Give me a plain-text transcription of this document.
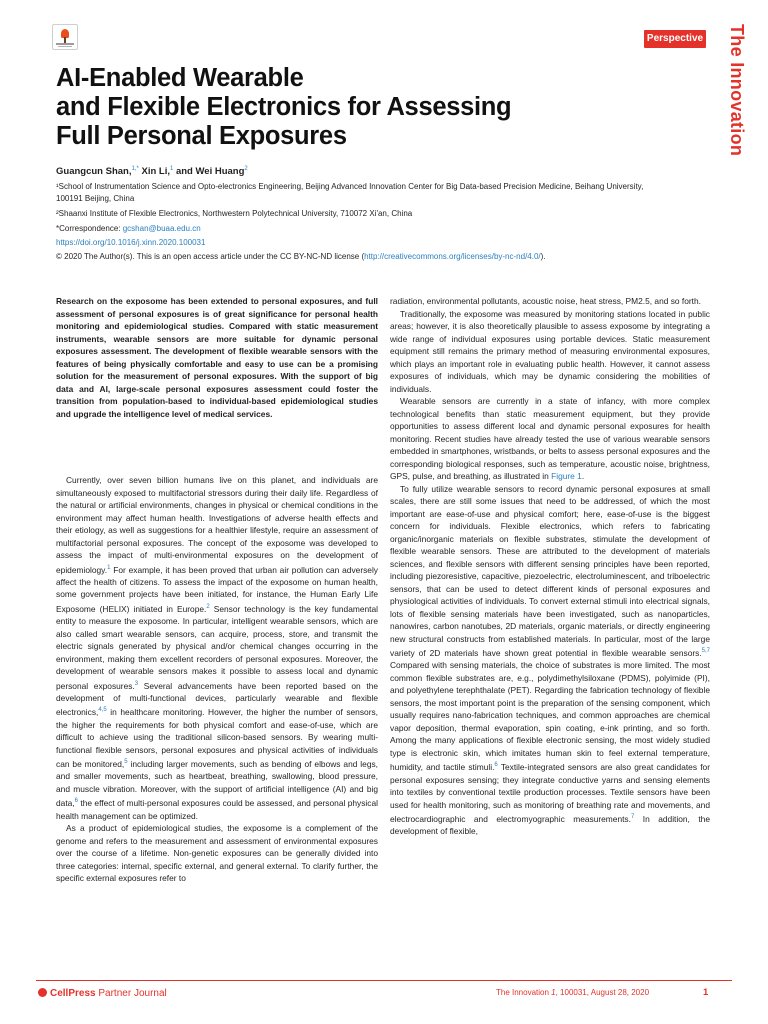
Perspective The Innovation
AI-Enabled Wearable
and Flexible Electronics for Assessing
Full Personal Exposures
Guangcun Shan,$^{1,*}$ Xin Li,$^1$ and Wei Huang$^2$

¹School of Instrumentation Science and Opto-electronics Engineering, Beijing Advanced Innovation Center for Big Data-based Precision Medicine, Beihang University,

100191 Beijing, China

²Shaanxi Institute of Flexible Electronics, Northwestern Polytechnical University, 710072 Xi'an, China

*Correspondence: gcshan@buaa.edu.cn

https://doi.org/10.1016/j.xinn.2020.100031

© 2020 The Author(s). This is an open access article under the CC BY-NC-ND license (http://creativecommons.org/licenses/by-nc-nd/4.0/).

Research on the exposome has been extended to personal exposures, and full assessment of personal exposures is of great significance for personal health monitoring and epidemiological studies. Compared with static measurement instruments, wearable sensors are more suitable for dynamic personal exposures assessment. The development of flexible wearable sensors with the features of being physically comfortable and easy to use can be a promising solution for the measurement of personal exposures. With the support of big data and AI, large-scale personal exposures assessment could foster the transition from population-based to individual-based epidemiological studies and upgrade the intelligence level of medical services.

Currently, over seven billion humans live on this planet, and individuals are simultaneously exposed to multifactorial stressors during their daily life. Regardless of the natural or artificial environments, changes in physical or chemical conditions in the environment may affect human health. Investigations of adverse health effects and their etiology, as well as suggestions for a healthier lifestyle, require an assessment of multifactorial personal exposures. The concept of the exposome was developed to assess the impact of multi-environmental exposures on the development of epidemiology.$^1$ For example, it has been proved that urban air pollution can adversely affect the health of citizens. To assess the impact of the exposome on human health, some government projects have been initiated, for instance, the Human Early Life Exposome (HELIX) initiated in Europe.$^2$ Sensor technology is the key fundamental entity to measure the exposome. In particular, intelligent wearable sensors, which are also called smart wearable sensors, can acquire, process, store, and transmit the electric signals generated by physical and/or chemical changes occurring in the environment, making them excellent recorders of personal exposures. Moreover, the development of wearable sensors makes it possible to assess local and dynamic personal exposures.$^3$ Several advancements have been reported based on the development of multi-functional devices, particularly wearable and flexible electronics,$^{4,5}$ in healthcare monitoring. However, the higher the number of sensors, the higher the requirements for both physical comfort and ease-of-use, which are difficult to achieve using the traditional silicon-based sensors. By wearing multi-functional flexible sensors, personal exposures and physical activities of individuals can be monitored,$^5$ including larger movements, such as bending of elbows and legs, and smaller movements, such as heartbeat, breathing, swallowing, blood pressure, and muscle vibration. Moreover, with the support of artificial intelligence (AI) and big data,$^6$ the effect of multi-personal exposures could be assessed, and personal physical health management can be optimized.

As a product of epidemiological studies, the exposome is a complement of the genome and refers to the measurement and assessment of environmental exposures over the course of a lifetime. Non-genetic exposures can be generally divided into three categories: internal, specific external, and general external. To clarify further, the specific external exposures refer to

radiation, environmental pollutants, acoustic noise, heat stress, PM2.5, and so forth.

Traditionally, the exposome was measured by monitoring stations located in public areas; however, it is also theoretically plausible to assess exposome by integrating a wide range of individual exposures using portable devices. Static measurement equipment still remains the primary method of measuring environmental exposures, which plays an important role in evaluating public health. However, it cannot assess exposures of individuals, which may be dynamic considering the mobilities of individuals.

Wearable sensors are currently in a state of infancy, with more complex technological benefits than static measurement equipment, but they provide opportunities to assess different local and dynamic personal exposures for health monitoring. Recent studies have already tested the use of various wearable sensors embedded in smartphones, wristbands, or belts to assess personal exposures and the corresponding biological responses, such as temperature, acoustic noise, brightness, GPS, pulse, and breathing, as illustrated in Figure 1.

To fully utilize wearable sensors to record dynamic personal exposures at small scales, there are still some issues that need to be addressed, of which the most important are ease-of-use and physical comfort; here, ease-of-use is the biggest concern for individuals. Flexible electronics, which refers to fabricating organic/inorganic materials on flexible substrates, stimulate the development of flexible wearable sensors. These are attributed to the development of materials sciences, and flexible sensors with different sensing principles have been reported, including piezoresistive, capacitive, piezoelectric, electroluminescent, and triboelectric sensors, that can be used to detect different kinds of personal exposures and physiological activities of individuals. To convert external stimuli into electrical signals, lots of flexible sensing materials have been investigated, such as nanoparticles, nanowires, carbon nanotubes, 2D materials, organic materials, or directly engineering new structural constructs from established materials. In particular, most of the large variety of 2D materials have shown great potential in flexible wearable sensors.$^{5,7}$ Compared with sensing materials, the choice of substrates is more limited. The most common flexible substrates are, e.g., polydimethylsiloxane (PDMS), polyimide (PI), and polyethylene terephthalate (PET). Regarding the fabrication technology of flexible sensors, the most important point is the preparation of the sensing component, which usually requires nano-fabrication techniques, and common approaches are chemical vapor deposition, thermal evaporation, spin coating, e-ink printing, and so forth. Among the many applications of flexible electronic sensing, the most widely studied type is electronic skin, which imitates human skin to feel external temperature, humidity, and tactile stimuli.$^6$ Textile-integrated sensors are also great candidates for personal exposures sensing; they integrate conductive yarns and sensing elements into textiles by conventional textile production processes. Textile sensors have been used for health monitoring, such as monitoring of breathing rate and movements, and electrocardiographic and electromyographic measurements.$^7$ In addition, the development of flexible,

CellPress Partner Journal	The Innovation 1, 100031, August 28, 2020	1
